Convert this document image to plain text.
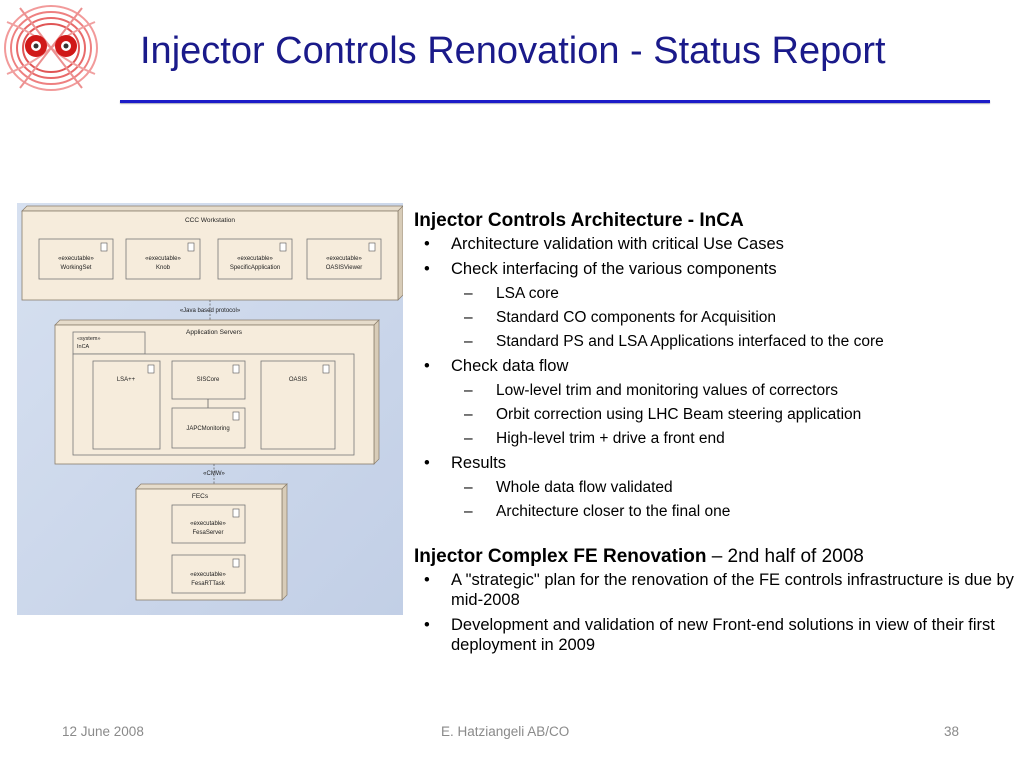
Injector Controls Renovation - Status Report
CCC Workstation
«executable»
WorkingSet
«executable»
Knob
«executable»
SpecificApplication
«executable»
OASISViewer
«Java based protocol»
Application Servers
«system»
InCA
LSA++	SISCore
JAPCMonitoring
OASIS
«CMW»
FECs
«executable»
FesaServer
«executable»
FesaRTTask
Injector Controls Architecture - InCA
• Architecture validation with critical Use Cases
• Check interfacing of the various components
– LSA core
– Standard CO components for Acquisition
– Standard PS and LSA Applications interfaced to the core
• Check data flow
– Low-level trim and monitoring values of correctors
– Orbit correction using LHC Beam steering application
– High-level trim + drive a front end
• Results
– Whole data flow validated
– Architecture closer to the final one
Injector Complex FE Renovation – 2nd half of 2008
• A "strategic" plan for the renovation of the FE controls infrastructure is due by mid-2008
• Development and validation of new Front-end solutions in view of their first deployment in 2009
12 June 2008	E. Hatziangeli AB/CO	38
